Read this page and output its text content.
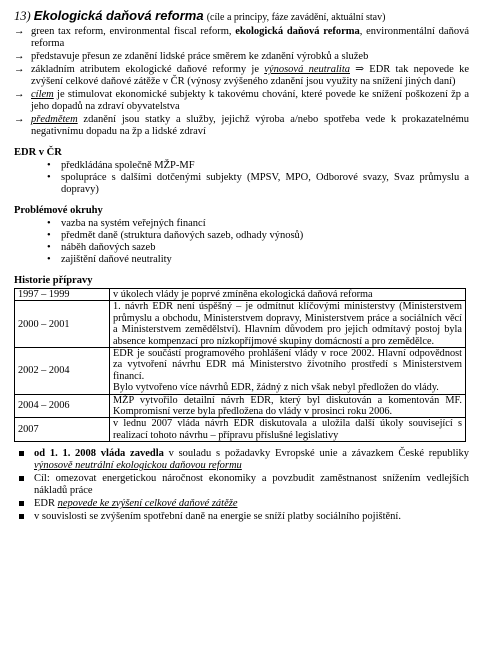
13) Ekologická daňová reforma (cíle a principy, fáze zavádění, aktuální stav)
→ green tax reform, environmental fiscal reform, ekologická daňová reforma, environmentální daňová reforma
→ představuje přesun ze zdanění lidské práce směrem ke zdanění výrobků a služeb
→ základním atributem ekologické daňové reformy je výnosová neutralita ⇒ EDR tak nepovede ke zvýšení celkové daňové zátěže v ČR (výnosy zvýšeného zdanění jsou využity na snížení jiných daní)
→ cílem je stimulovat ekonomické subjekty k takovému chování, které povede ke snížení poškození žp a jeho dopadů na zdraví obyvatelstva
→ předmětem zdanění jsou statky a služby, jejichž výroba a/nebo spotřeba vede k prokazatelnému negativnímu dopadu na žp a lidské zdraví
EDR v ČR
• předkládána společně MŽP-MF
• spolupráce s dalšími dotčenými subjekty (MPSV, MPO, Odborové svazy, Svaz průmyslu a dopravy)
Problémové okruhy
• vazba na systém veřejných financí
• předmět daně (struktura daňových sazeb, odhady výnosů)
• náběh daňových sazeb
• zajištění daňové neutrality
Historie přípravy
1997 – 1999	v úkolech vlády je poprvé zmíněna ekologická daňová reforma
2000 – 2001	1. návrh EDR není úspěšný – je odmítnut klíčovými ministerstvy (Ministerstvem průmyslu a obchodu, Ministerstvem dopravy, Ministerstvem práce a sociálních věcí a Ministerstvem zemědělství). Hlavním důvodem pro jejich odmítavý postoj byla absence kompenzací pro nízkopříjmové skupiny domácností a pro zemědělce.
2002 – 2004	EDR je součástí programového prohlášení vlády v roce 2002. Hlavní odpovědnost za vytvoření návrhu EDR má Ministerstvo životního prostředí s Ministerstvem financí.
Bylo vytvořeno více návrhů EDR, žádný z nich však nebyl předložen do vlády.

2004 – 2006	MŽP vytvořilo detailní návrh EDR, který byl diskutován a komentován MF. Kompromisní verze byla předložena do vlády v prosinci roku 2006.
2007	v lednu 2007 vláda návrh EDR diskutovala a uložila další úkoly související s realizací tohoto návrhu – přípravu příslušné legislativy
od 1. 1. 2008 vláda zavedla v souladu s požadavky Evropské unie a závazkem České republiky výnosově neutrální ekologickou daňovou reformu
Cíl: omezovat energetickou náročnost ekonomiky a povzbudit zaměstnanost snížením vedlejších nákladů práce
EDR nepovede ke zvýšení celkové daňové zátěže
v souvislosti se zvýšením spotřební daně na energie se sníží platby sociálního pojištění.
